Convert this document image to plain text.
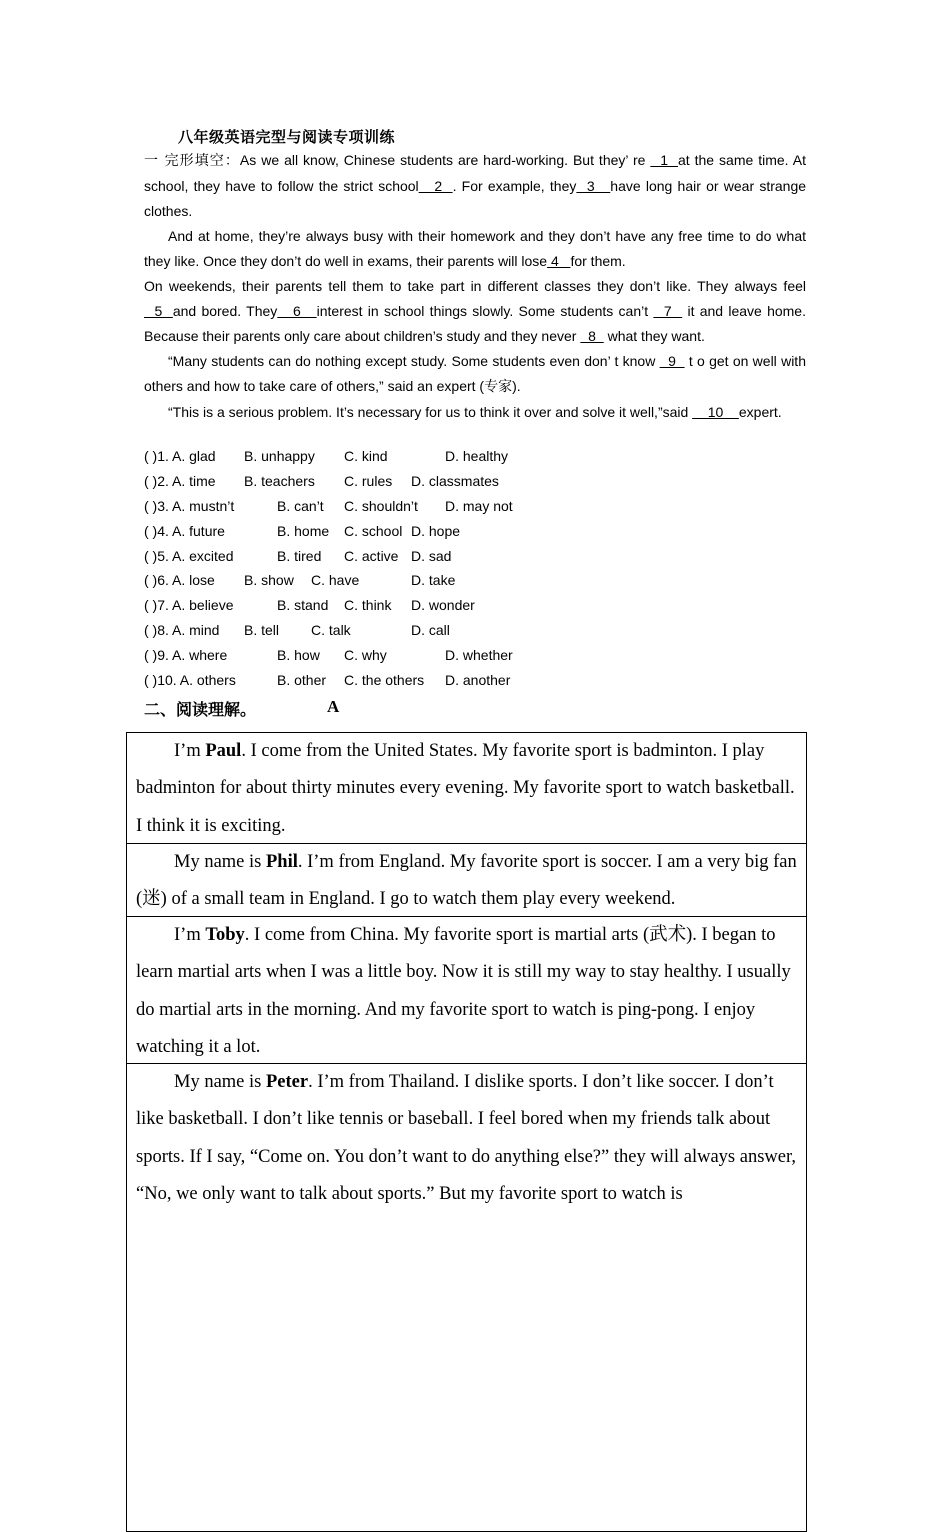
八年级英语完型与阅读专项训练

一 完形填空：As we all know, Chinese students are hard-working. But they’ re   1  at the same time. At school, they have to follow the strict school   2  . For example, they  3   have long hair or wear strange clothes.

And at home, they’re always busy with their homework and they don’t have any free time to do what they like. Once they don’t do well in exams, their parents will lose 4   for them.

On weekends, their parents tell them to take part in different classes they don’t like. They always feel   5  and bored. They   6   interest in school things slowly. Some students can’t   7   it and leave home. Because their parents only care about children’s study and they never   8   what they want.

“Many students can do nothing except study. Some students even don’ t know   9   t o get on well with others and how to take care of others,” said an expert (专家).

“This is a serious problem. It’s necessary for us to think it over and solve it well,”said     10    expert.

( )1. A. glad B. unhappy C. kind	D. healthy
( )2. A. time B. teachers C. rules D. classmates
( )3. A. mustn’t	B. can’t C. shouldn’t D. may not
( )4. A. future	B. home C. school D. hope
( )5. A. excited	B. tired C. active D. sad
( )6. A. lose B. show C. have	D. take
( )7. A. believe	B. stand C. think D. wonder
( )8. A. mind B. tell C. talk	D. call
( )9. A. where	B. how C. why	D. whether
( )10. A. others	B. other C. the others D. another
二、阅读理解。	A

I’m Paul. I come from the United States. My favorite sport is badminton. I play badminton for about thirty minutes every evening. My favorite sport to watch basketball. I think it is exciting.

My name is Phil. I’m from England. My favorite sport is soccer. I am a very big fan (迷) of a small team in England. I go to watch them play every weekend.

I’m Toby. I come from China. My favorite sport is martial arts (武术). I began to learn martial arts when I was a little boy. Now it is still my way to stay healthy. I usually do martial arts in the morning. And my favorite sport to watch is ping-pong. I enjoy watching it a lot.

My name is Peter. I’m from Thailand. I dislike sports. I don’t like soccer. I don’t like basketball. I don’t like tennis or baseball. I feel bored when my friends talk about sports. If I say, “Come on. You don’t want to do anything else?” they will always answer, “No, we only want to talk about sports.” But my favorite sport to watch is
